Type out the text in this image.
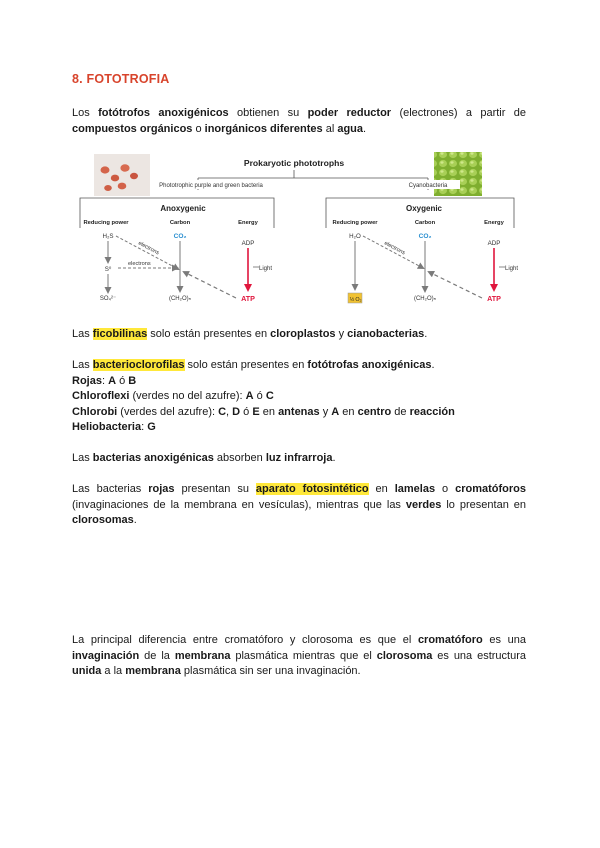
8. FOTOTROFIA
Los fotótrofos anoxigénicos obtienen su poder reductor (electrones) a partir de compuestos orgánicos o inorgánicos diferentes al agua.
Prokaryotic phototrophs
Phototrophic purple and green bacteria	Cyanobacteria
Anoxygenic
Reducing power	Carbon	Energy
H₂S
S⁰
SO₄²⁻
CO₂
(CH₂O)ₙ
electrons
electrons
ADP
Light
ATP
Oxygenic
Reducing power	Carbon	Energy
H₂O
½ O₂
CO₂
(CH₂O)ₙ
electrons	ADP
Light
ATP
Las ficobilinas solo están presentes en cloroplastos y cianobacterias.
Las bacterioclorofilas solo están presentes en fotótrofas anoxigénicas.
Rojas: A ó B
Chloroflexi (verdes no del azufre): A ó C
Chlorobi (verdes del azufre): C, D ó E en antenas y A en centro de reacción
Heliobacteria: G
Las bacterias anoxigénicas absorben luz infrarroja.
Las bacterias rojas presentan su aparato fotosintético en lamelas o cromatóforos (invaginaciones de la membrana en vesículas), mientras que las verdes lo presentan en clorosomas.
La principal diferencia entre cromatóforo y clorosoma es que el cromatóforo es una invaginación de la membrana plasmática mientras que el clorosoma es una estructura unida a la membrana plasmática sin ser una invaginación.
